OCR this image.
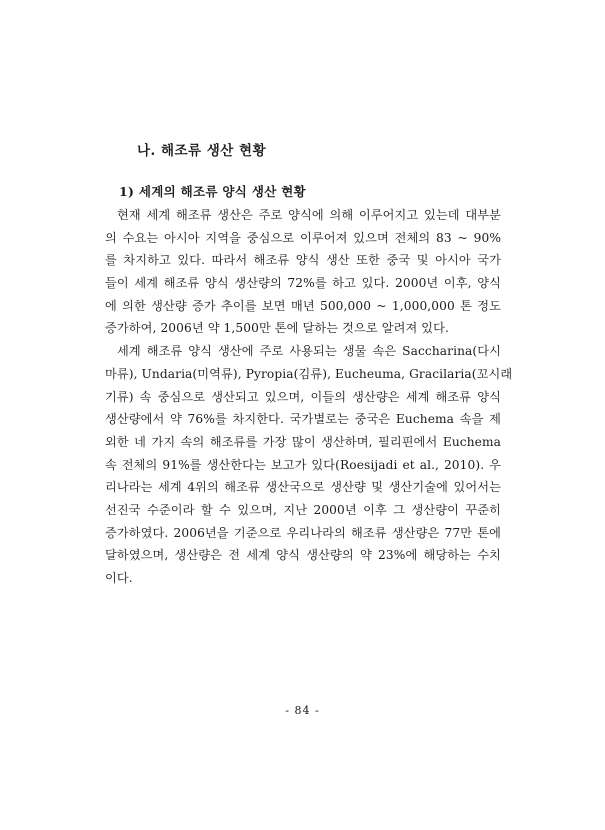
나. 해조류 생산 현황
1) 세계의 해조류 양식 생산 현황
현재 세계 해조류 생산은 주로 양식에 의해 이루어지고 있는데 대부분
의 수요는 아시아 지역을 중심으로 이루어져 있으며 전체의 83 ~ 90%
를 차지하고 있다. 따라서 해조류 양식 생산 또한 중국 및 아시아 국가
들이 세계 해조류 양식 생산량의 72%를 하고 있다. 2000년 이후, 양식
에 의한 생산량 증가 추이를 보면 매년 500,000 ~ 1,000,000 톤 정도
증가하여, 2006년 약 1,500만 톤에 달하는 것으로 알려져 있다.
세계 해조류 양식 생산에 주로 사용되는 생물 속은 Saccharina(다시
마류), Undaria(미역류), Pyropia(김류), Eucheuma, Gracilaria(꼬시래
기류) 속 중심으로 생산되고 있으며, 이들의 생산량은 세계 해조류 양식
생산량에서 약 76%를 차지한다. 국가별로는 중국은 Euchema 속을 제
외한 네 가지 속의 해조류를 가장 많이 생산하며, 필리핀에서 Euchema
속 전체의 91%를 생산한다는 보고가 있다(Roesijadi et al., 2010). 우
리나라는 세계 4위의 해조류 생산국으로 생산량 및 생산기술에 있어서는
선진국 수준이라 할 수 있으며, 지난 2000년 이후 그 생산량이 꾸준히
증가하였다. 2006년을 기준으로 우리나라의 해조류 생산량은 77만 톤에
달하였으며, 생산량은 전 세계 양식 생산량의 약 23%에 해당하는 수치
이다.
- 84 -
